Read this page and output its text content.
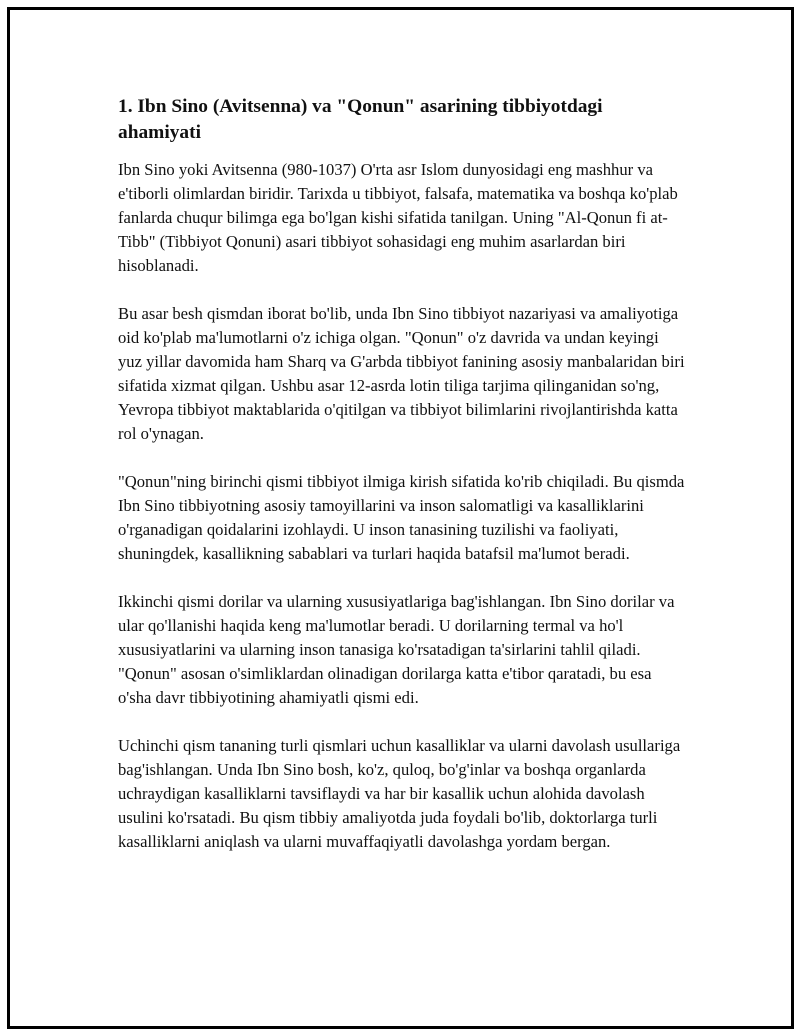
1. Ibn Sino (Avitsenna) va "Qonun" asarining tibbiyotdagi ahamiyati

Ibn Sino yoki Avitsenna (980-1037) O'rta asr Islom dunyosidagi eng mashhur va e'tiborli olimlardan biridir. Tarixda u tibbiyot, falsafa, matematika va boshqa ko'plab fanlarda chuqur bilimga ega bo'lgan kishi sifatida tanilgan. Uning "Al-Qonun fi at-Tibb" (Tibbiyot Qonuni) asari tibbiyot sohasidagi eng muhim asarlardan biri hisoblanadi.

Bu asar besh qismdan iborat bo'lib, unda Ibn Sino tibbiyot nazariyasi va amaliyotiga oid ko'plab ma'lumotlarni o'z ichiga olgan. "Qonun" o'z davrida va undan keyingi yuz yillar davomida ham Sharq va G'arbda tibbiyot fanining asosiy manbalaridan biri sifatida xizmat qilgan. Ushbu asar 12-asrda lotin tiliga tarjima qilinganidan so'ng, Yevropa tibbiyot maktablarida o'qitilgan va tibbiyot bilimlarini rivojlantirishda katta rol o'ynagan.

"Qonun"ning birinchi qismi tibbiyot ilmiga kirish sifatida ko'rib chiqiladi. Bu qismda Ibn Sino tibbiyotning asosiy tamoyillarini va inson salomatligi va kasalliklarini o'rganadigan qoidalarini izohlaydi. U inson tanasining tuzilishi va faoliyati, shuningdek, kasallikning sabablari va turlari haqida batafsil ma'lumot beradi.

Ikkinchi qismi dorilar va ularning xususiyatlariga bag'ishlangan. Ibn Sino dorilar va ular qo'llanishi haqida keng ma'lumotlar beradi. U dorilarning termal va ho'l xususiyatlarini va ularning inson tanasiga ko'rsatadigan ta'sirlarini tahlil qiladi. "Qonun" asosan o'simliklardan olinadigan dorilarga katta e'tibor qaratadi, bu esa o'sha davr tibbiyotining ahamiyatli qismi edi.

Uchinchi qism tananing turli qismlari uchun kasalliklar va ularni davolash usullariga bag'ishlangan. Unda Ibn Sino bosh, ko'z, quloq, bo'g'inlar va boshqa organlarda uchraydigan kasalliklarni tavsiflaydi va har bir kasallik uchun alohida davolash usulini ko'rsatadi. Bu qism tibbiy amaliyotda juda foydali bo'lib, doktorlarga turli kasalliklarni aniqlash va ularni muvaffaqiyatli davolashga yordam bergan.
